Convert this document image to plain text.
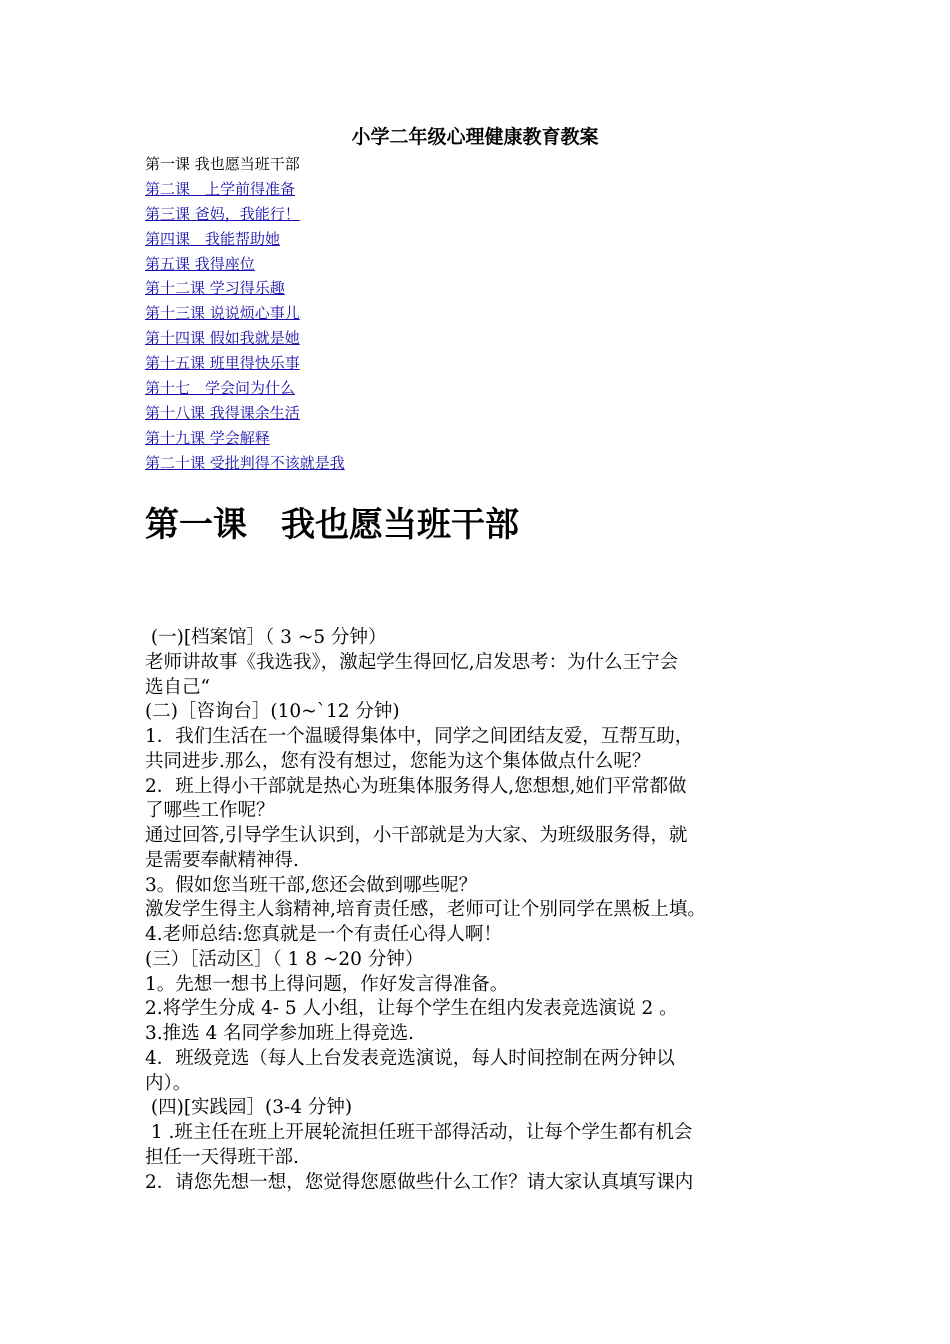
小学二年级心理健康教育教案
第一课 我也愿当班干部
第二课　上学前得准备
第三课 爸妈，我能行！
第四课　我能帮助她
第五课 我得座位
第十二课 学习得乐趣
第十三课 说说烦心事儿
第十四课 假如我就是她
第十五课 班里得快乐事
第十七　学会问为什么
第十八课 我得课余生活
第十九课 学会解释
第二十课 受批判得不该就是我
第一课　我也愿当班干部

(一)[档案馆］（ 3 ~5 分钟）

老师讲故事《我选我》，激起学生得回忆,启发思考：为什么王宁会

选自己“

(二)［咨询台］(10~`12 分钟)

1．我们生活在一个温暖得集体中，同学之间团结友爱，互帮互助，

共同进步.那么，您有没有想过，您能为这个集体做点什么呢？

2．班上得小干部就是热心为班集体服务得人,您想想,她们平常都做

了哪些工作呢？

通过回答,引导学生认识到，小干部就是为大家、为班级服务得，就

是需要奉献精神得.

3。假如您当班干部,您还会做到哪些呢？

激发学生得主人翁精神,培育责任感，老师可让个别同学在黑板上填。

4.老师总结:您真就是一个有责任心得人啊！

(三）［活动区］（ 1 8 ~20 分钟）

1。先想一想书上得问题，作好发言得准备。

2.将学生分成 4- 5 人小组，让每个学生在组内发表竞选演说 2 。

3.推选 4 名同学参加班上得竞选.

4．班级竞选（每人上台发表竞选演说，每人时间控制在两分钟以

内）。

(四)[实践园］(3-4 分钟)

1 .班主任在班上开展轮流担任班干部得活动，让每个学生都有机会

担任一天得班干部.

2．请您先想一想，您觉得您愿做些什么工作？请大家认真填写课内
